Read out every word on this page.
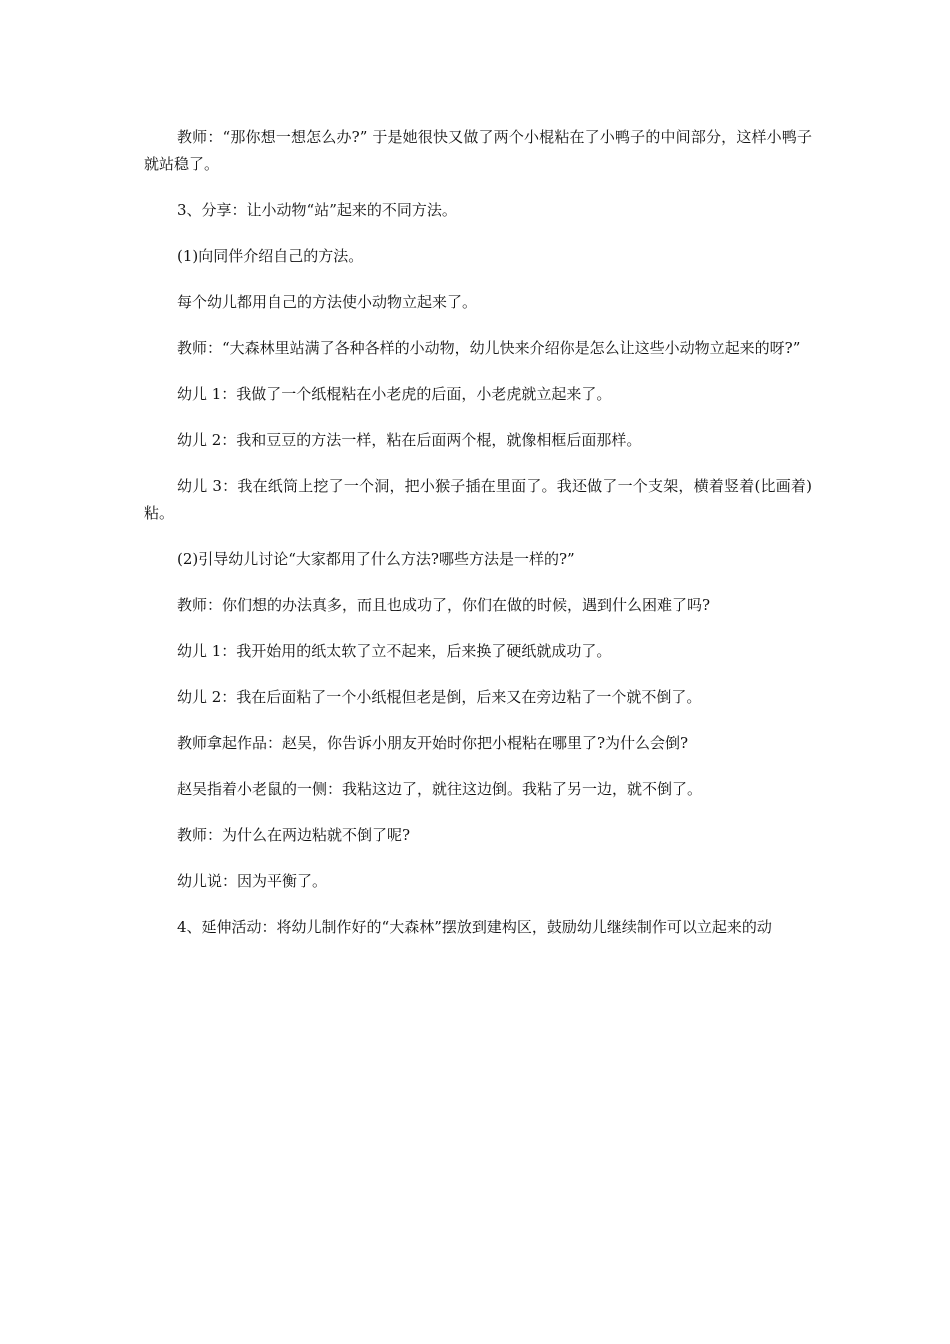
教师：“那你想一想怎么办?” 于是她很快又做了两个小棍粘在了小鸭子的中间部分，这样小鸭子就站稳了。

3、分享：让小动物“站”起来的不同方法。

(1)向同伴介绍自己的方法。

每个幼儿都用自己的方法使小动物立起来了。

教师：“大森林里站满了各种各样的小动物，幼儿快来介绍你是怎么让这些小动物立起来的呀?”

幼儿 1：我做了一个纸棍粘在小老虎的后面，小老虎就立起来了。

幼儿 2：我和豆豆的方法一样，粘在后面两个棍，就像相框后面那样。

幼儿 3：我在纸筒上挖了一个洞，把小猴子插在里面了。我还做了一个支架，横着竖着(比画着)粘。

(2)引导幼儿讨论“大家都用了什么方法?哪些方法是一样的?”

教师：你们想的办法真多，而且也成功了，你们在做的时候，遇到什么困难了吗?

幼儿 1：我开始用的纸太软了立不起来，后来换了硬纸就成功了。

幼儿 2：我在后面粘了一个小纸棍但老是倒，后来又在旁边粘了一个就不倒了。

教师拿起作品：赵吴，你告诉小朋友开始时你把小棍粘在哪里了?为什么会倒?

赵吴指着小老鼠的一侧：我粘这边了，就往这边倒。我粘了另一边，就不倒了。

教师：为什么在两边粘就不倒了呢?

幼儿说：因为平衡了。

4、延伸活动：将幼儿制作好的“大森林”摆放到建构区，鼓励幼儿继续制作可以立起来的动
